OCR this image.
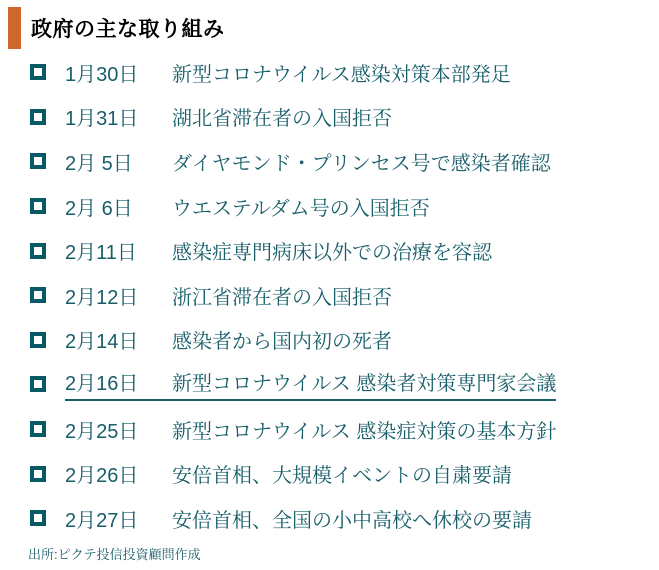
政府の主な取り組み
1月30日	新型コロナウイルス感染対策本部発足
1月31日	湖北省滞在者の入国拒否
2月 5日	ダイヤモンド・プリンセス号で感染者確認
2月 6日	ウエステルダム号の入国拒否
2月11日	感染症専門病床以外での治療を容認
2月12日	浙江省滞在者の入国拒否
2月14日	感染者から国内初の死者
2月16日	新型コロナウイルス 感染者対策専門家会議
2月25日	新型コロナウイルス 感染症対策の基本方針
2月26日	安倍首相、大規模イベントの自粛要請
2月27日	安倍首相、全国の小中高校へ休校の要請
出所:ピクテ投信投資顧問作成
